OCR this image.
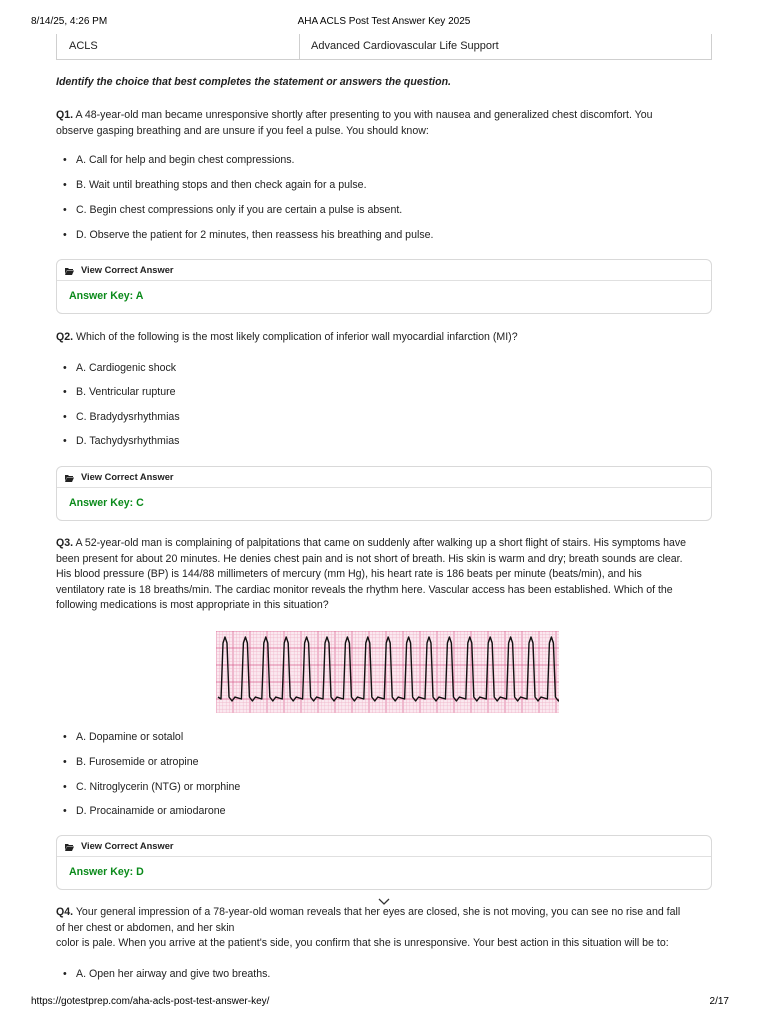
8/14/25, 4:26 PM	AHA ACLS Post Test Answer Key 2025
ACLS	Advanced Cardiovascular Life Support
Identify the choice that best completes the statement or answers the question.
Q1. A 48-year-old man became unresponsive shortly after presenting to you with nausea and generalized chest discomfort. You
observe gasping breathing and are unsure if you feel a pulse. You should know:
• A. Call for help and begin chest compressions.
• B. Wait until breathing stops and then check again for a pulse.
• C. Begin chest compressions only if you are certain a pulse is absent.
• D. Observe the patient for 2 minutes, then reassess his breathing and pulse.
View Correct Answer
Answer Key: A
Q2. Which of the following is the most likely complication of inferior wall myocardial infarction (MI)?
• A. Cardiogenic shock
• B. Ventricular rupture
• C. Bradydysrhythmias
• D. Tachydysrhythmias
View Correct Answer
Answer Key: C
Q3. A 52-year-old man is complaining of palpitations that came on suddenly after walking up a short flight of stairs. His symptoms have
been present for about 20 minutes. He denies chest pain and is not short of breath. His skin is warm and dry; breath sounds are clear.
His blood pressure (BP) is 144/88 millimeters of mercury (mm Hg), his heart rate is 186 beats per minute (beats/min), and his
ventilatory rate is 18 breaths/min. The cardiac monitor reveals the rhythm here. Vascular access has been established. Which of the
following medications is most appropriate in this situation?
• A. Dopamine or sotalol
• B. Furosemide or atropine
• C. Nitroglycerin (NTG) or morphine
• D. Procainamide or amiodarone
View Correct Answer
Answer Key: D
Q4. Your general impression of a 78-year-old woman reveals that her eyes are closed, she is not moving, you can see no rise and fall
of her chest or abdomen, and her skin
color is pale. When you arrive at the patient's side, you confirm that she is unresponsive. Your best action in this situation will be to:
• A. Open her airway and give two breaths.
https://gotestprep.com/aha-acls-post-test-answer-key/	2/17
